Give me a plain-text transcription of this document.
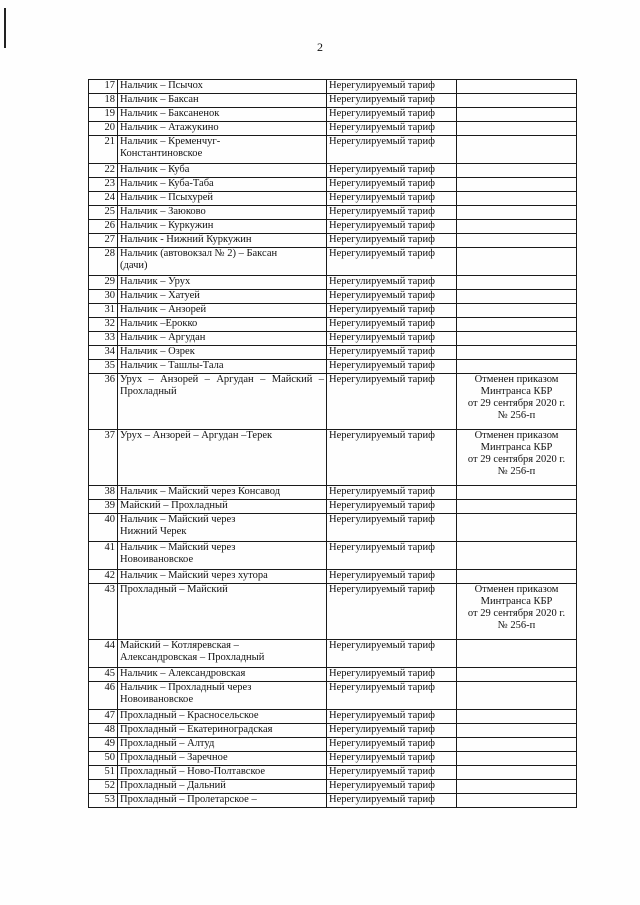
2
17	Нальчик – Псычох	Нерегулируемый тариф	
18	Нальчик – Баксан	Нерегулируемый тариф	
19	Нальчик – Баксаненок	Нерегулируемый тариф	
20	Нальчик – Атажукино	Нерегулируемый тариф	
21	Нальчик – Кременчуг-
Константиновское	Нерегулируемый тариф	
22	Нальчик – Куба	Нерегулируемый тариф	
23	Нальчик – Куба-Таба	Нерегулируемый тариф	
24	Нальчик – Псыхурей	Нерегулируемый тариф	
25	Нальчик – Заюково	Нерегулируемый тариф	
26	Нальчик – Куркужин	Нерегулируемый тариф	
27	Нальчик - Нижний Куркужин	Нерегулируемый тариф	
28	Нальчик (автовокзал № 2) – Баксан
(дачи)	Нерегулируемый тариф	
29	Нальчик – Урух	Нерегулируемый тариф	
30	Нальчик – Хатуей	Нерегулируемый тариф	
31	Нальчик – Анзорей	Нерегулируемый тариф	
32	Нальчик –Ерокко	Нерегулируемый тариф	
33	Нальчик – Аргудан	Нерегулируемый тариф	
34	Нальчик – Озрек	Нерегулируемый тариф	
35	Нальчик – Ташлы-Тала	Нерегулируемый тариф	
36	Урух – Анзорей – Аргудан – Майский – Прохладный	Нерегулируемый тариф	Отменен приказом
Минтранса КБР
от 29 сентября 2020 г.
№ 256-п
37	Урух – Анзорей – Аргудан –Терек	Нерегулируемый тариф	Отменен приказом
Минтранса КБР
от 29 сентября 2020 г.
№ 256-п
38	Нальчик – Майский через Консавод	Нерегулируемый тариф	
39	Майский – Прохладный	Нерегулируемый тариф	
40	Нальчик – Майский через
Нижний Черек	Нерегулируемый тариф	
41	Нальчик – Майский через
Новоивановское	Нерегулируемый тариф	
42	Нальчик – Майский через хутора	Нерегулируемый тариф	
43	Прохладный – Майский	Нерегулируемый тариф	Отменен приказом
Минтранса КБР
от 29 сентября 2020 г.
№ 256-п
44	Майский – Котляревская –
Александровская – Прохладный	Нерегулируемый тариф	
45	Нальчик – Александровская	Нерегулируемый тариф	
46	Нальчик – Прохладный через
Новоивановское	Нерегулируемый тариф	
47	Прохладный – Красносельское	Нерегулируемый тариф	
48	Прохладный – Екатериноградская	Нерегулируемый тариф	
49	Прохладный – Алтуд	Нерегулируемый тариф	
50	Прохладный – Заречное	Нерегулируемый тариф	
51	Прохладный – Ново-Полтавское	Нерегулируемый тариф	
52	Прохладный – Дальний	Нерегулируемый тариф	
53	Прохладный – Пролетарское –	Нерегулируемый тариф	
